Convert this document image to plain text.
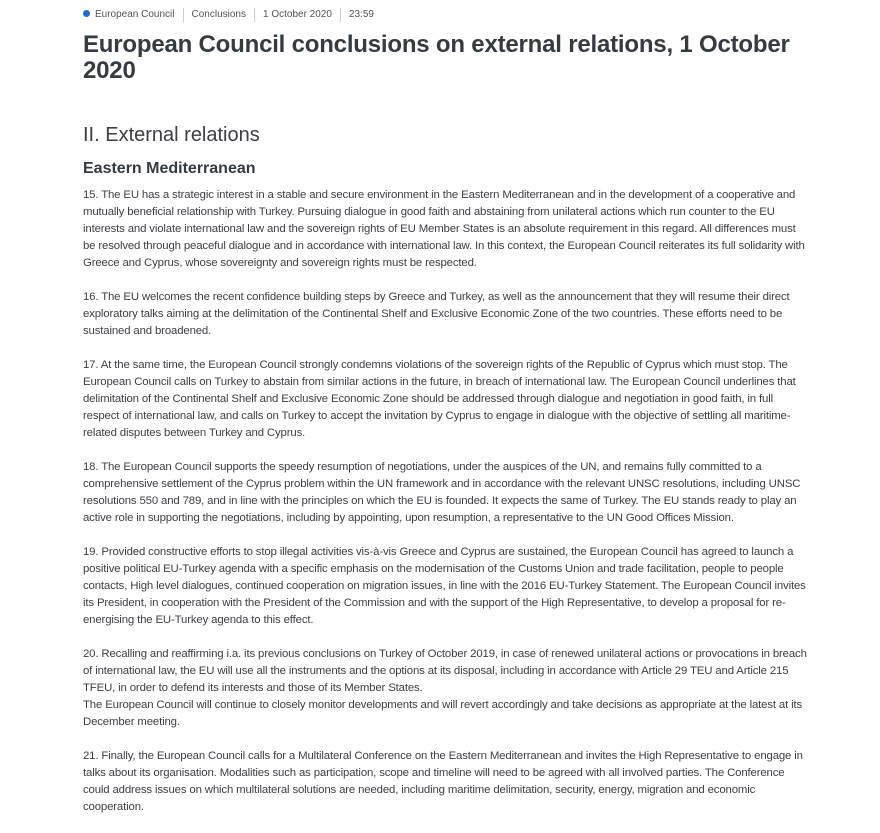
European Council	Conclusions	1 October 2020	23:59
European Council conclusions on external relations, 1 October 2020
II. External relations
Eastern Mediterranean

15. The EU has a strategic interest in a stable and secure environment in the Eastern Mediterranean and in the development of a cooperative and mutually beneficial relationship with Turkey. Pursuing dialogue in good faith and abstaining from unilateral actions which run counter to the EU interests and violate international law and the sovereign rights of EU Member States is an absolute requirement in this regard. All differences must be resolved through peaceful dialogue and in accordance with international law. In this context, the European Council reiterates its full solidarity with Greece and Cyprus, whose sovereignty and sovereign rights must be respected.

16. The EU welcomes the recent confidence building steps by Greece and Turkey, as well as the announcement that they will resume their direct exploratory talks aiming at the delimitation of the Continental Shelf and Exclusive Economic Zone of the two countries. These efforts need to be sustained and broadened.

17. At the same time, the European Council strongly condemns violations of the sovereign rights of the Republic of Cyprus which must stop. The European Council calls on Turkey to abstain from similar actions in the future, in breach of international law. The European Council underlines that delimitation of the Continental Shelf and Exclusive Economic Zone should be addressed through dialogue and negotiation in good faith, in full respect of international law, and calls on Turkey to accept the invitation by Cyprus to engage in dialogue with the objective of settling all maritime-related disputes between Turkey and Cyprus.

18. The European Council supports the speedy resumption of negotiations, under the auspices of the UN, and remains fully committed to a comprehensive settlement of the Cyprus problem within the UN framework and in accordance with the relevant UNSC resolutions, including UNSC resolutions 550 and 789, and in line with the principles on which the EU is founded. It expects the same of Turkey. The EU stands ready to play an active role in supporting the negotiations, including by appointing, upon resumption, a representative to the UN Good Offices Mission.

19. Provided constructive efforts to stop illegal activities vis-à-vis Greece and Cyprus are sustained, the European Council has agreed to launch a positive political EU-Turkey agenda with a specific emphasis on the modernisation of the Customs Union and trade facilitation, people to people contacts, High level dialogues, continued cooperation on migration issues, in line with the 2016 EU-Turkey Statement. The European Council invites its President, in cooperation with the President of the Commission and with the support of the High Representative, to develop a proposal for re-energising the EU-Turkey agenda to this effect.

20. Recalling and reaffirming i.a. its previous conclusions on Turkey of October 2019, in case of renewed unilateral actions or provocations in breach of international law, the EU will use all the instruments and the options at its disposal, including in accordance with Article 29 TEU and Article 215 TFEU, in order to defend its interests and those of its Member States.
The European Council will continue to closely monitor developments and will revert accordingly and take decisions as appropriate at the latest at its December meeting.

21. Finally, the European Council calls for a Multilateral Conference on the Eastern Mediterranean and invites the High Representative to engage in talks about its organisation. Modalities such as participation, scope and timeline will need to be agreed with all involved parties. The Conference could address issues on which multilateral solutions are needed, including maritime delimitation, security, energy, migration and economic cooperation.
